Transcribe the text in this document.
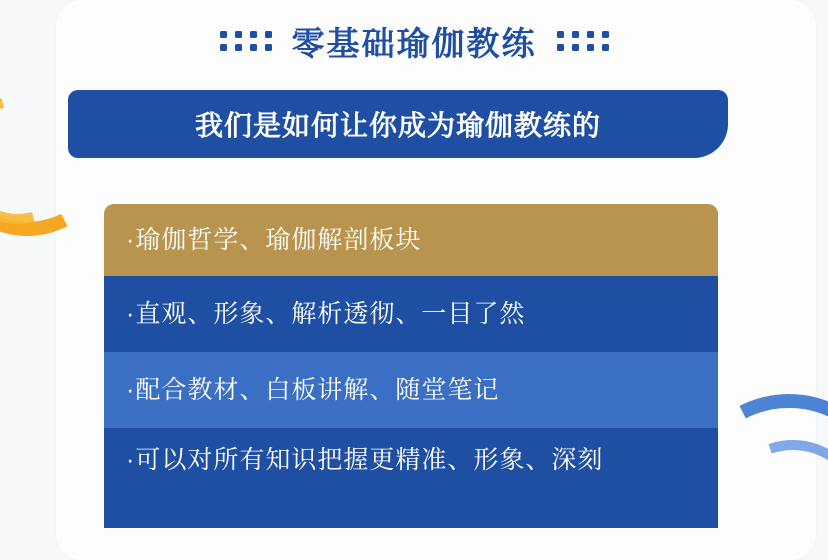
零基础瑜伽教练
我们是如何让你成为瑜伽教练的
·瑜伽哲学、瑜伽解剖板块
·直观、形象、解析透彻、一目了然
·配合教材、白板讲解、随堂笔记
·可以对所有知识把握更精准、形象、深刻
